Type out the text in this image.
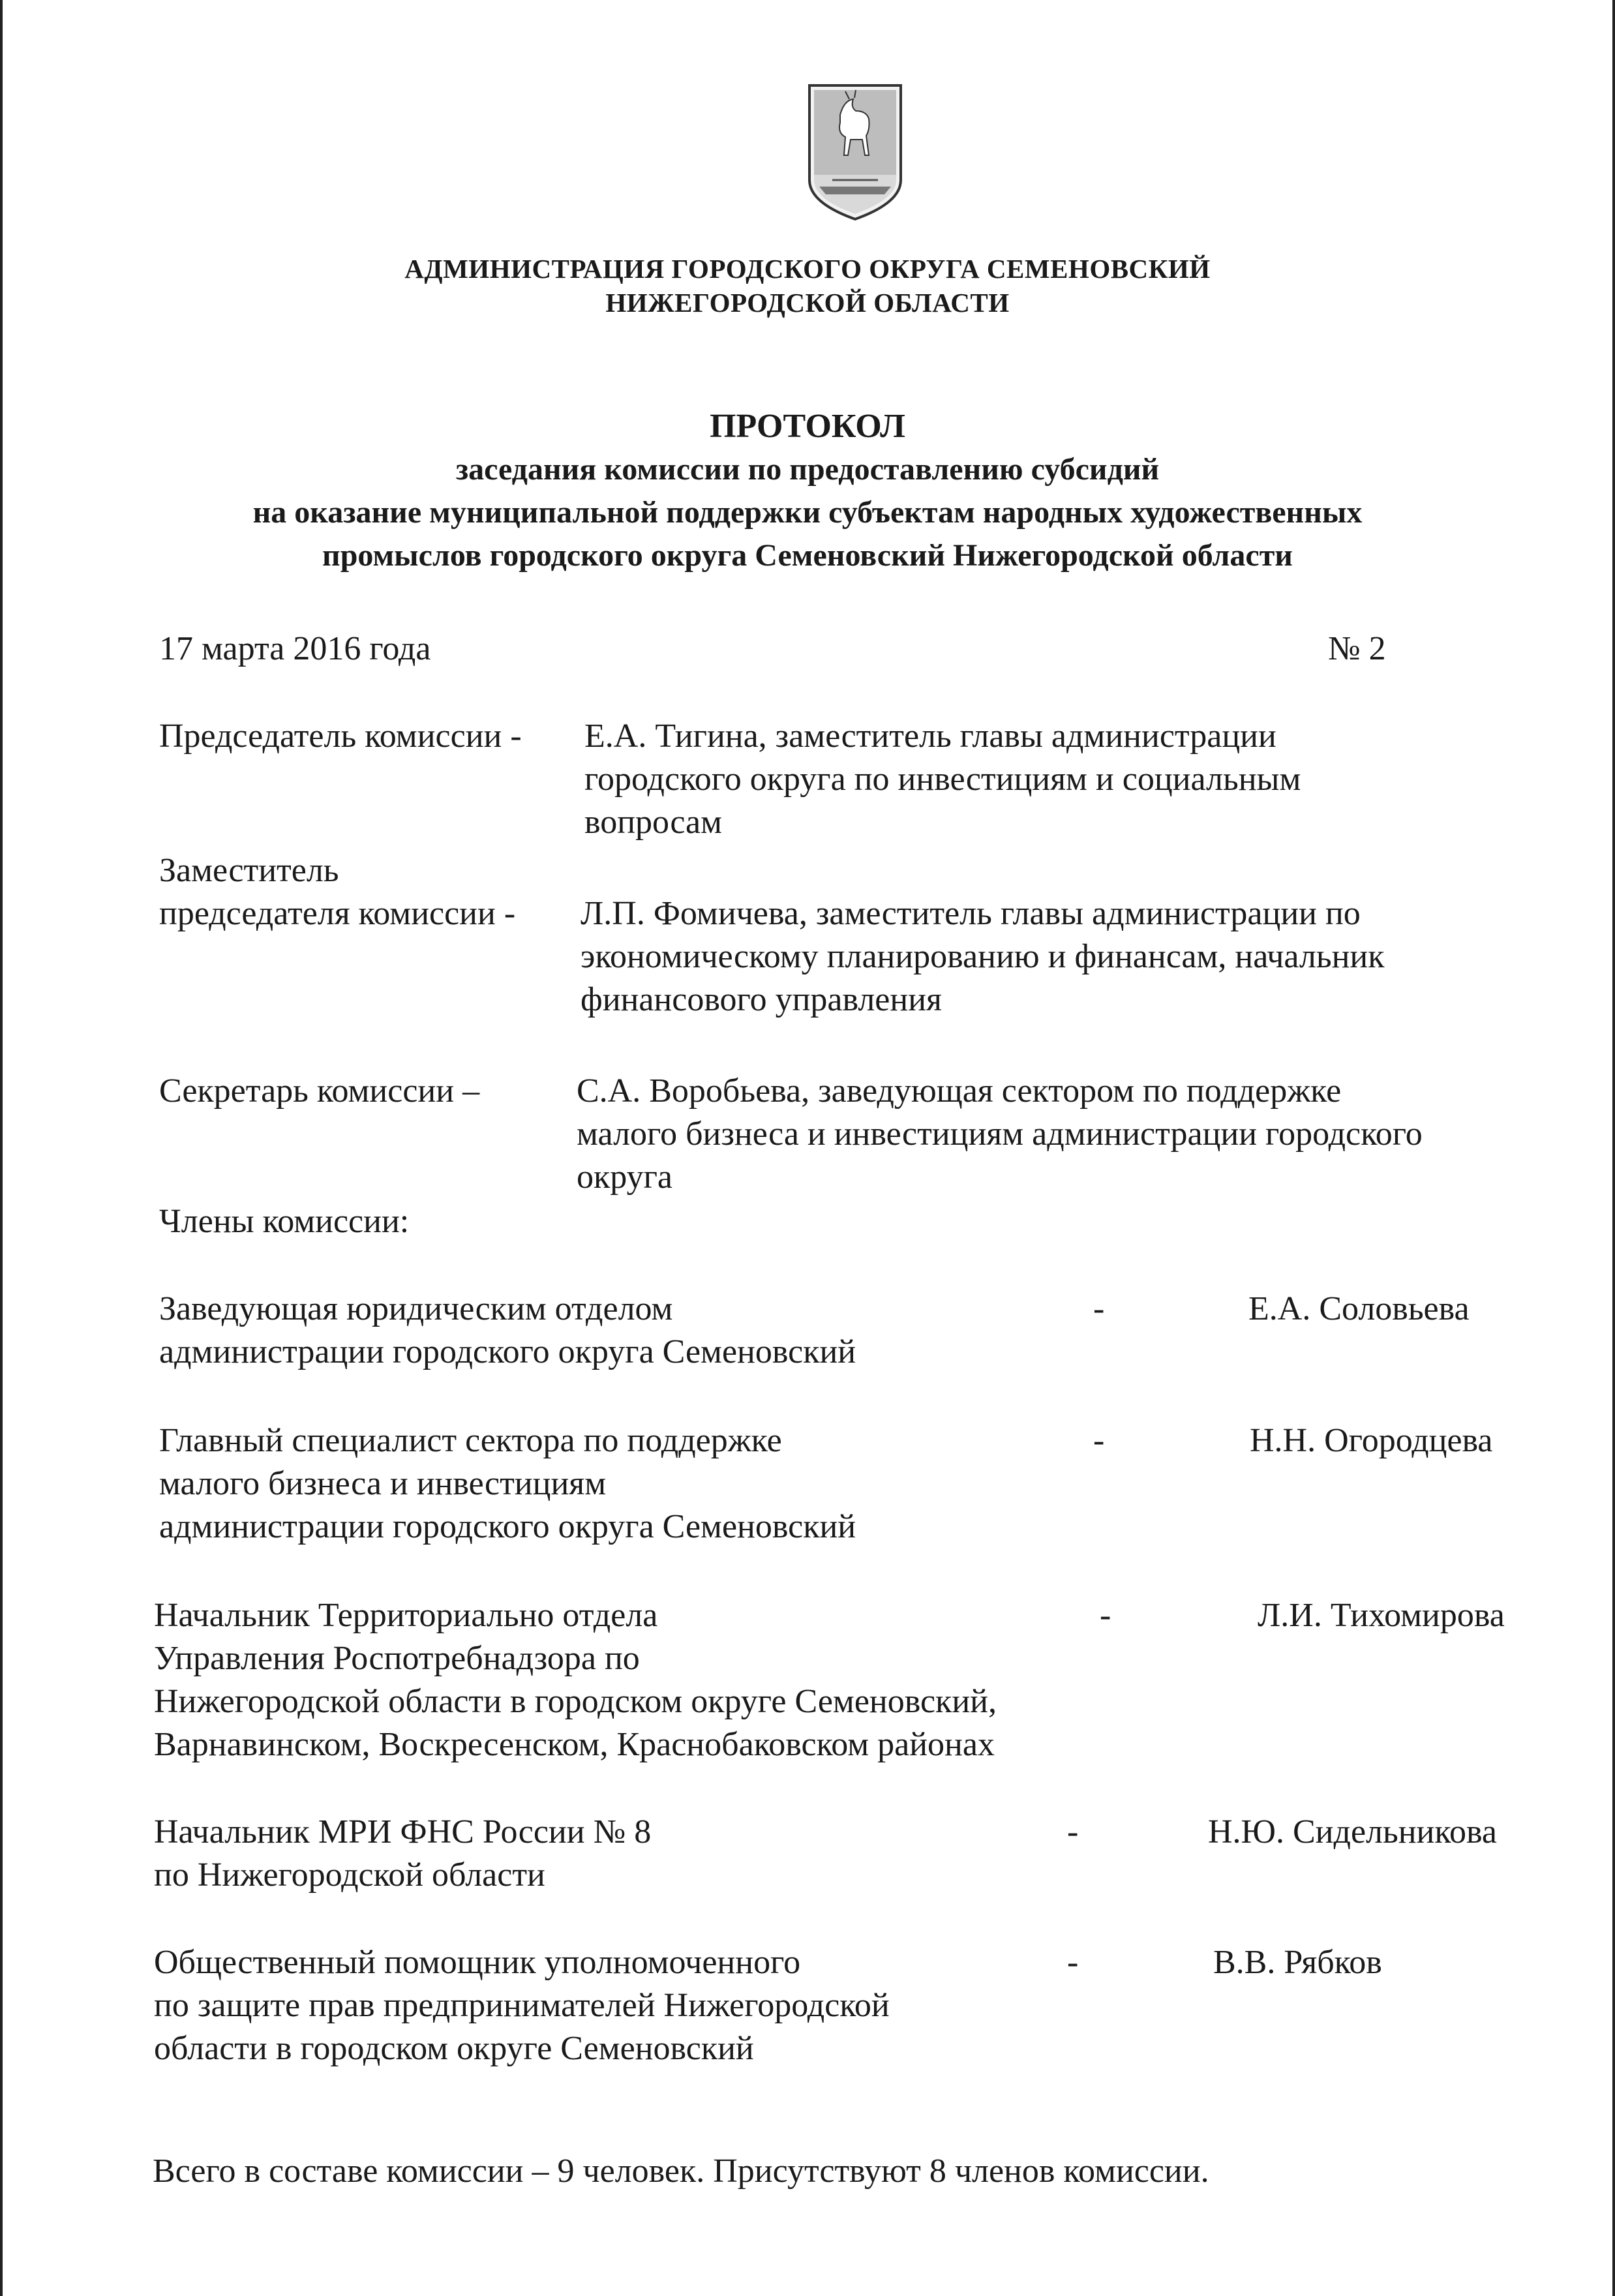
АДМИНИСТРАЦИЯ ГОРОДСКОГО ОКРУГА СЕМЕНОВСКИЙ
НИЖЕГОРОДСКОЙ ОБЛАСТИ
ПРОТОКОЛ
заседания комиссии по предоставлению субсидий
на оказание муниципальной поддержки субъектам народных художественных
промыслов городского округа Семеновский Нижегородской области
17 марта 2016 года	№ 2
Председатель комиссии - Е.А. Тигина, заместитель главы администрации
городского округа по инвестициям и социальным
вопросам
Заместитель
председателя комиссии - Л.П. Фомичева, заместитель главы администрации по
экономическому планированию и финансам, начальник
финансового управления
Секретарь комиссии –	С.А. Воробьева, заведующая сектором по поддержке
малого бизнеса и инвестициям администрации городского
округа
Члены комиссии:
Заведующая юридическим отделом
администрации городского округа Семеновский
-	Е.А. Соловьева
Главный специалист сектора по поддержке
малого бизнеса и инвестициям
администрации городского округа Семеновский
-	Н.Н. Огородцева
Начальник Территориально отдела
Управления Роспотребнадзора по
Нижегородской области в городском округе Семеновский,
Варнавинском, Воскресенском, Краснобаковском районах
-	Л.И. Тихомирова
Начальник МРИ ФНС России № 8
по Нижегородской области
-	Н.Ю. Сидельникова
Общественный помощник уполномоченного
по защите прав предпринимателей Нижегородской
области в городском округе Семеновский
-	В.В. Рябков
Всего в составе комиссии – 9 человек. Присутствуют 8 членов комиссии.
